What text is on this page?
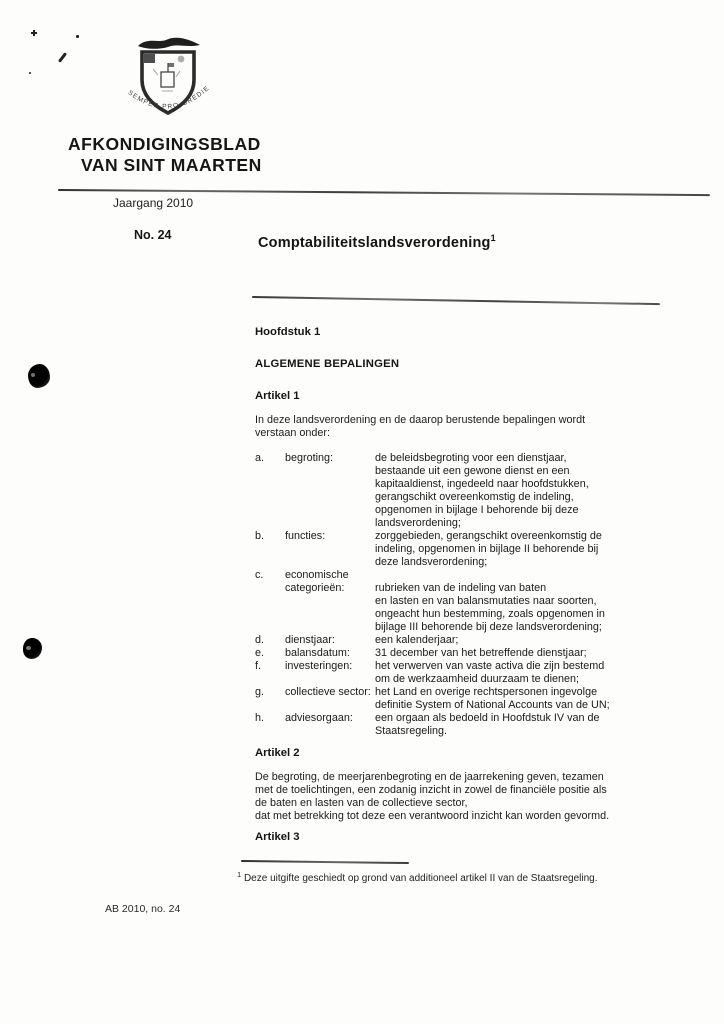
SEMPER PRO GREDIE
AFKONDIGINGSBLAD
VAN SINT MAARTEN
Jaargang 2010
No. 24	Comptabiliteitslandsverordening$^1$
Hoofdstuk 1
ALGEMENE BEPALINGEN
Artikel 1
In deze landsverordening en de daarop berustende bepalingen wordt
verstaan onder:
a.	begroting:	de beleidsbegroting voor een dienstjaar,
bestaande uit een gewone dienst en een
kapitaaldienst, ingedeeld naar hoofdstukken,
gerangschikt overeenkomstig de indeling,
opgenomen in bijlage I behorende bij deze
landsverordening;
b.	functies:	zorggebieden, gerangschikt overeenkomstig de
indeling, opgenomen in bijlage II behorende bij
deze landsverordening;
c.	economische
categorieën:	
rubrieken van de indeling van baten
en lasten en van balansmutaties naar soorten,
ongeacht hun bestemming, zoals opgenomen in
bijlage III behorende bij deze landsverordening;
d.	dienstjaar:	een kalenderjaar;
e.	balansdatum:	31 december van het betreffende dienstjaar;
f.	investeringen:	het verwerven van vaste activa die zijn bestemd
om de werkzaamheid duurzaam te dienen;
g.	collectieve sector: het Land en overige rechtspersonen ingevolge
definitie System of National Accounts van de UN;
h.	adviesorgaan:	een orgaan als bedoeld in Hoofdstuk IV van de
Staatsregeling.
Artikel 2
De begroting, de meerjarenbegroting en de jaarrekening geven, tezamen
met de toelichtingen, een zodanig inzicht in zowel de financiële positie als
de baten en lasten van de collectieve sector,
dat met betrekking tot deze een verantwoord inzicht kan worden gevormd.
Artikel 3
$^1$ Deze uitgifte geschiedt op grond van additioneel artikel II van de Staatsregeling.
AB 2010, no. 24
